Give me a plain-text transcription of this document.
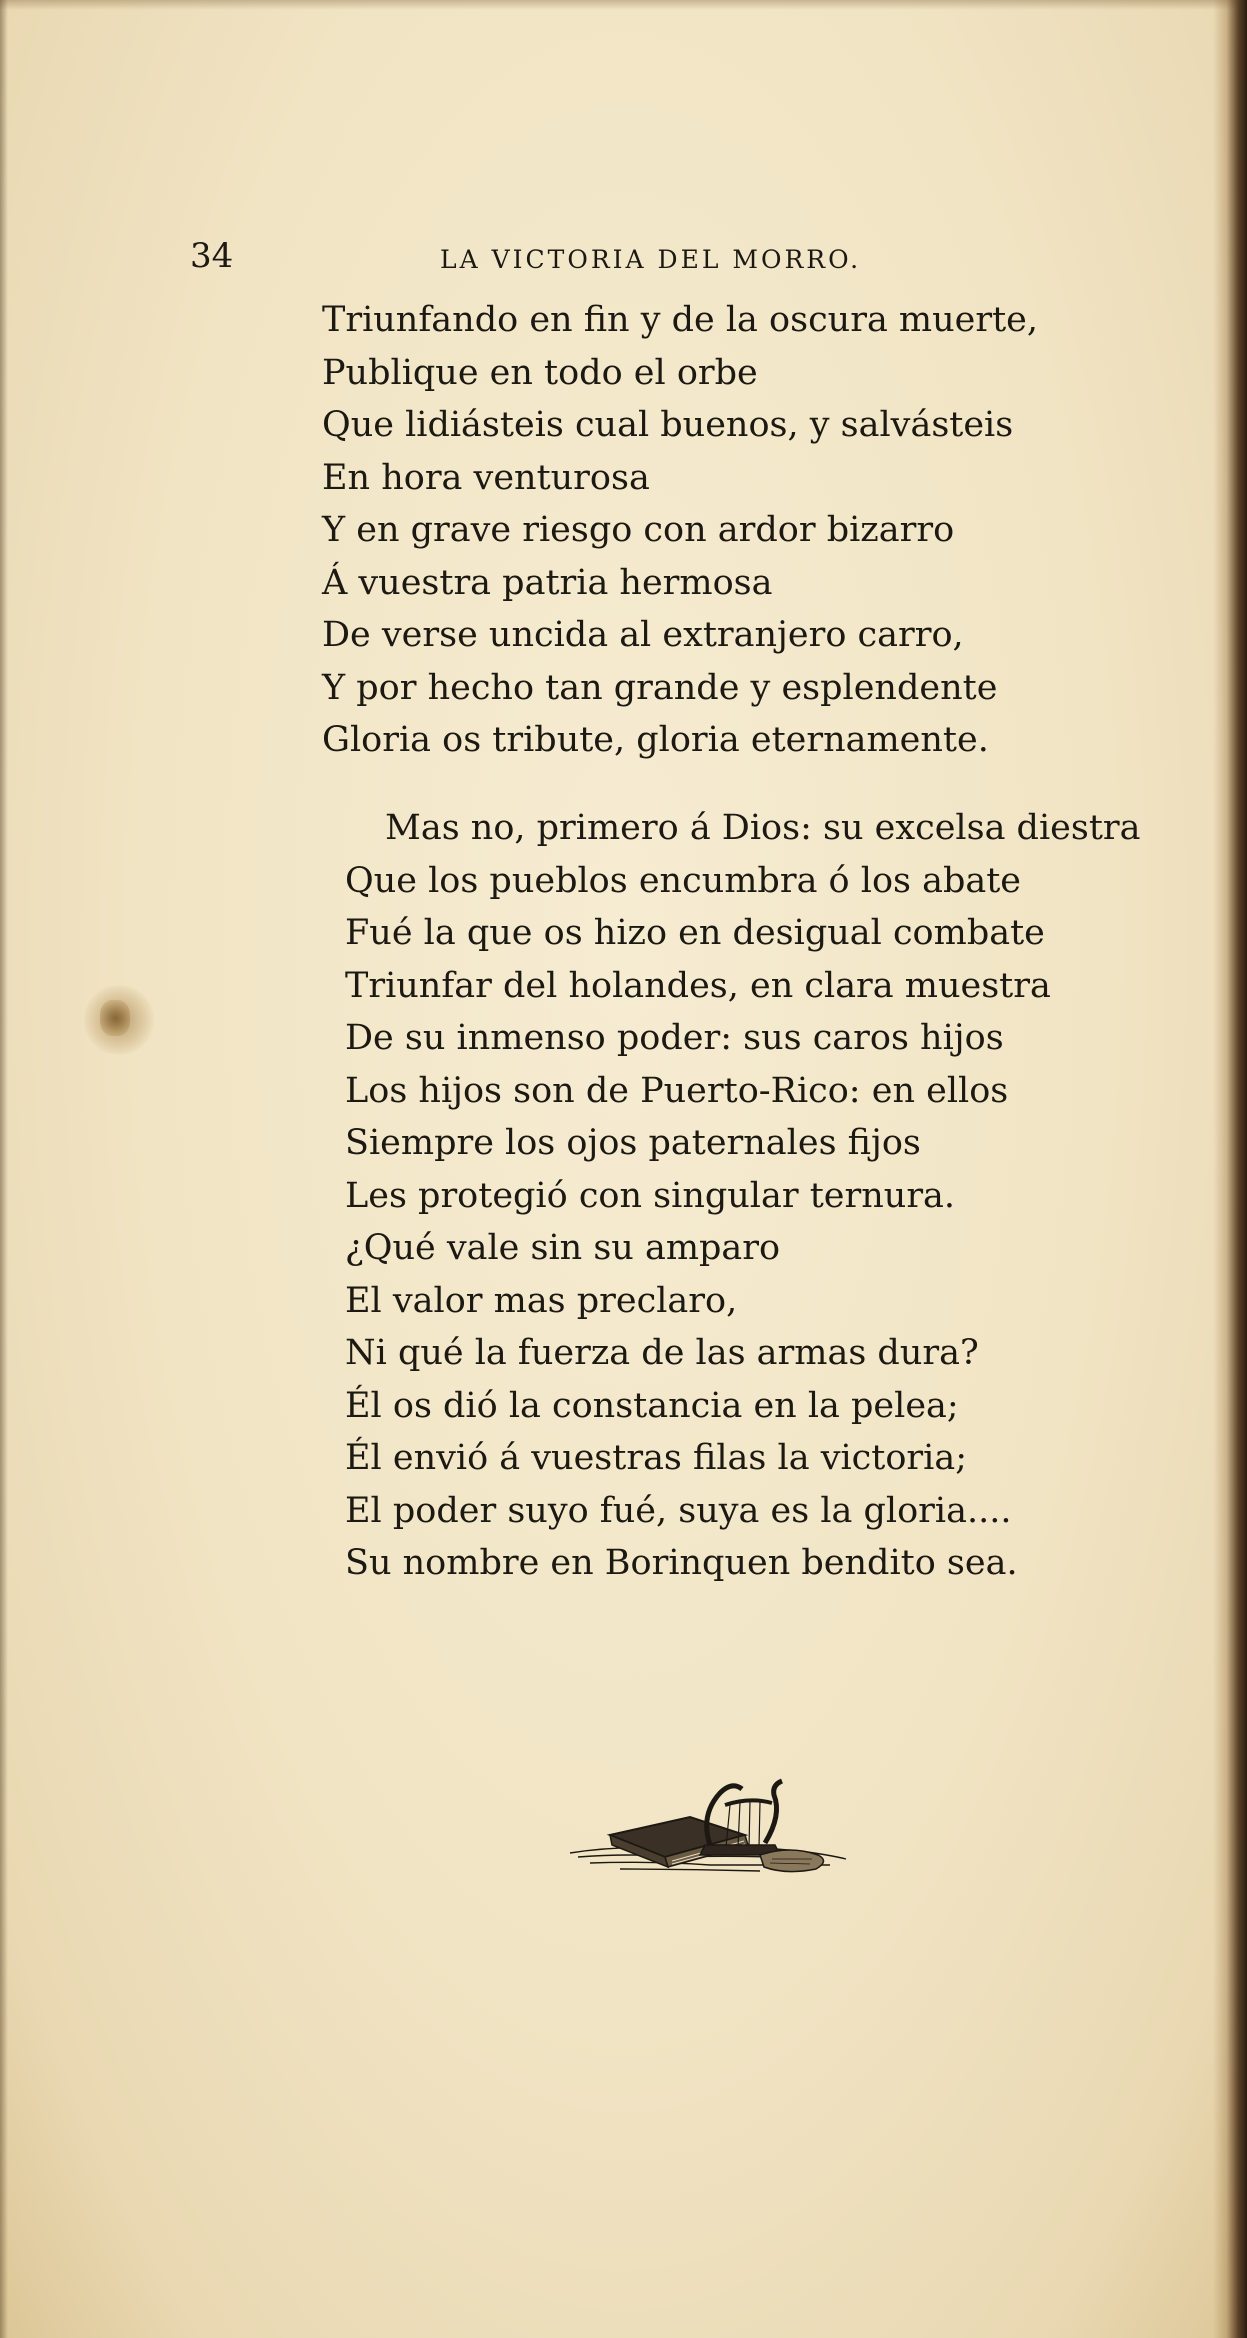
34	LA VICTORIA DEL MORRO.
Triunfando en fin y de la oscura muerte,
Publique en todo el orbe
Que lidiásteis cual buenos, y salvásteis
En hora venturosa
Y en grave riesgo con ardor bizarro
Á vuestra patria hermosa
De verse uncida al extranjero carro,
Y por hecho tan grande y esplendente
Gloria os tribute, gloria eternamente.
Mas no, primero á Dios: su excelsa diestra
Que los pueblos encumbra ó los abate
Fué la que os hizo en desigual combate
Triunfar del holandes, en clara muestra
De su inmenso poder: sus caros hijos
Los hijos son de Puerto-Rico: en ellos
Siempre los ojos paternales fijos
Les protegió con singular ternura.
¿Qué vale sin su amparo
El valor mas preclaro,
Ni qué la fuerza de las armas dura?
Él os dió la constancia en la pelea;
Él envió á vuestras filas la victoria;
El poder suyo fué, suya es la gloria....
Su nombre en Borinquen bendito sea.
